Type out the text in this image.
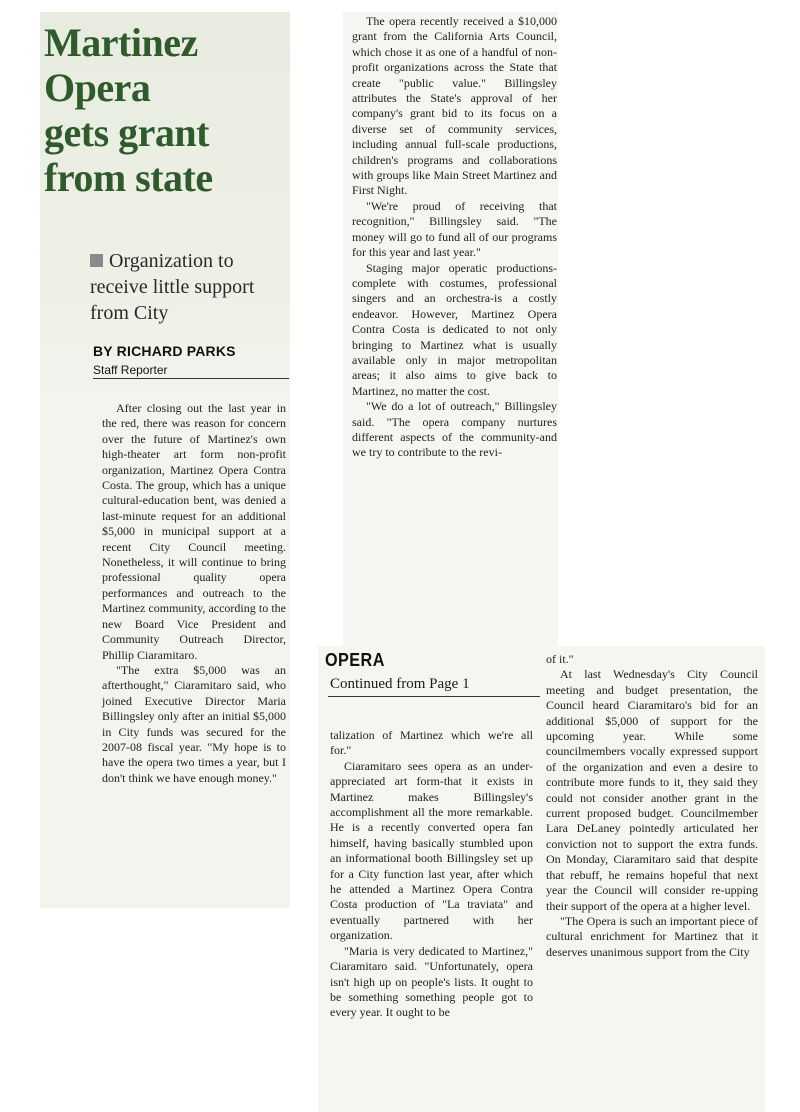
Martinez
Opera
gets grant
from state
Organization to
receive little support
from City
BY RICHARD PARKS
Staff Reporter

After closing out the last year in the red, there was reason for concern over the future of Martinez's own high-theater art form non-profit organization, Martinez Opera Contra Costa. The group, which has a unique cultural-education bent, was denied a last-minute request for an additional $5,000 in municipal support at a recent City Council meeting. Nonetheless, it will continue to bring professional quality opera performances and outreach to the Martinez community, according to the new Board Vice President and Community Outreach Director, Phillip Ciaramitaro.

"The extra $5,000 was an afterthought," Ciaramitaro said, who joined Executive Director Maria Billingsley only after an initial $5,000 in City funds was secured for the 2007-08 fiscal year. "My hope is to have the opera two times a year, but I don't think we have enough money."

The opera recently received a $10,000 grant from the California Arts Council, which chose it as one of a handful of non-profit organizations across the State that create "public value." Billingsley attributes the State's approval of her company's grant bid to its focus on a diverse set of community services, including annual full-scale productions, children's programs and collaborations with groups like Main Street Martinez and First Night.

"We're proud of receiving that recognition," Billingsley said. "The money will go to fund all of our programs for this year and last year."

Staging major operatic productions-complete with costumes, professional singers and an orchestra-is a costly endeavor. However, Martinez Opera Contra Costa is dedicated to not only bringing to Martinez what is usually available only in major metropolitan areas; it also aims to give back to Martinez, no matter the cost.

"We do a lot of outreach," Billingsley said. "The opera company nurtures different aspects of the community-and we try to contribute to the revi-

OPERA
Continued from Page 1

talization of Martinez which we're all for."

Ciaramitaro sees opera as an under-appreciated art form-that it exists in Martinez makes Billingsley's accomplishment all the more remarkable. He is a recently converted opera fan himself, having basically stumbled upon an informational booth Billingsley set up for a City function last year, after which he attended a Martinez Opera Contra Costa production of "La traviata" and eventually partnered with her organization.

"Maria is very dedicated to Martinez," Ciaramitaro said. "Unfortunately, opera isn't high up on people's lists. It ought to be something something people got to every year. It ought to be

of it."

At last Wednesday's City Council meeting and budget presentation, the Council heard Ciaramitaro's bid for an additional $5,000 of support for the upcoming year. While some councilmembers vocally expressed support of the organization and even a desire to contribute more funds to it, they said they could not consider another grant in the current proposed budget. Councilmember Lara DeLaney pointedly articulated her conviction not to support the extra funds. On Monday, Ciaramitaro said that despite that rebuff, he remains hopeful that next year the Council will consider re-upping their support of the opera at a higher level.

"The Opera is such an important piece of cultural enrichment for Martinez that it deserves unanimous support from the City
